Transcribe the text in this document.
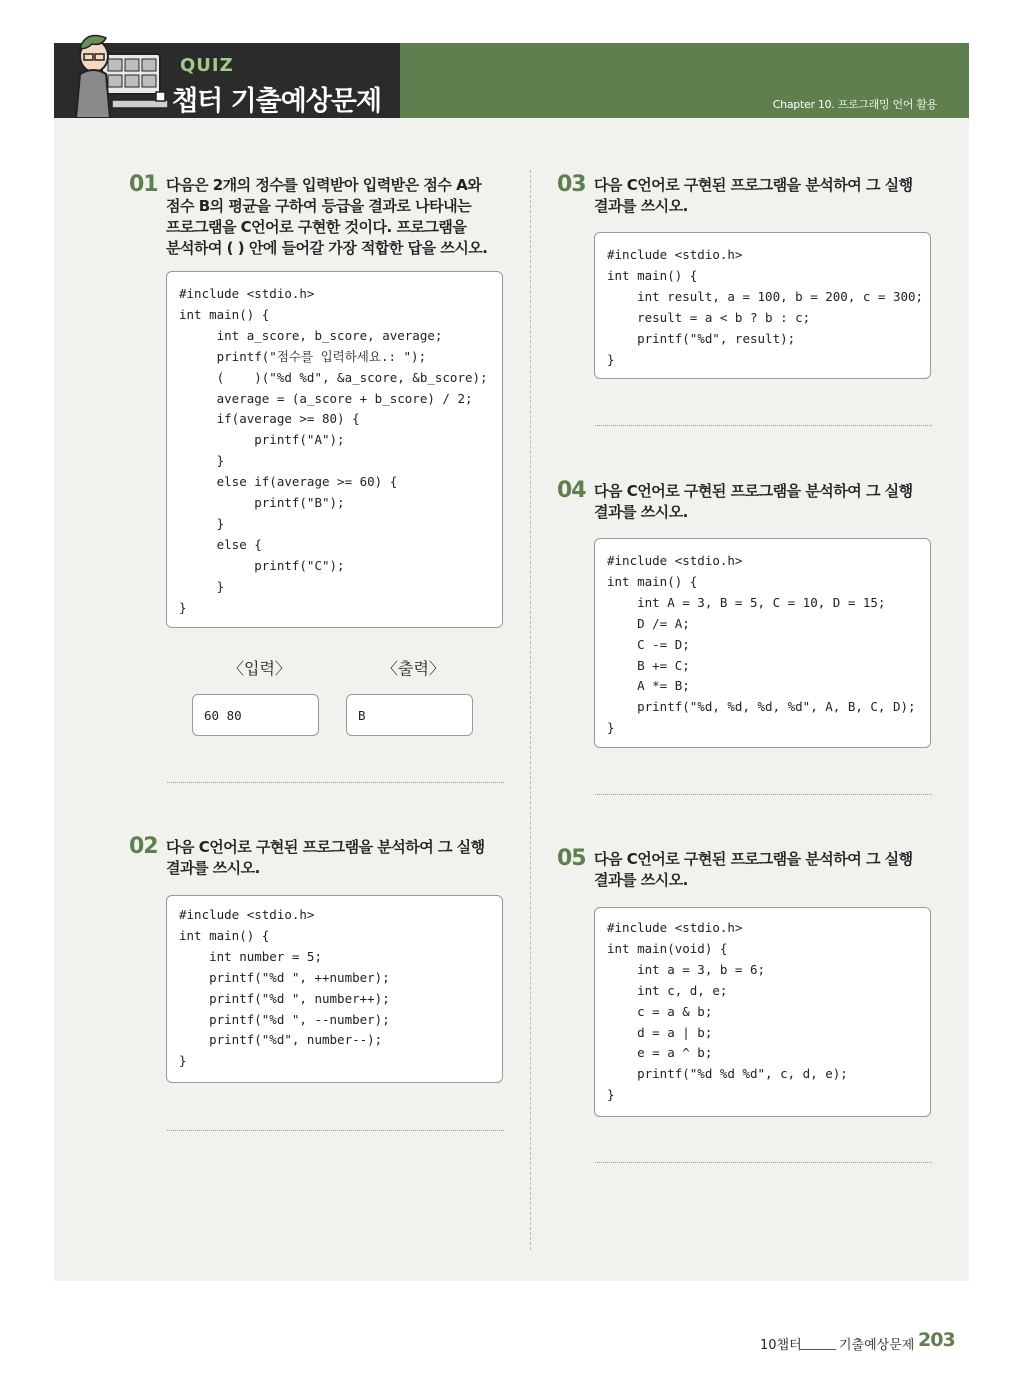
QUIZ
챕터 기출예상문제	Chapter 10. 프로그래밍 언어 활용
01 다음은 2개의 정수를 입력받아 입력받은 점수 A와 점수 B의 평균을 구하여 등급을 결과로 나타내는 프로그램을 C언어로 구현한 것이다. 프로그램을 분석하여 ( ) 안에 들어갈 가장 적합한 답을 쓰시오.
#include <stdio.h>
int main() {
int a_score, b_score, average;
printf("점수를 입력하세요.: ");
(    )("%d %d", &a_score, &b_score);
average = (a_score + b_score) / 2;
if(average >= 80) {
printf("A");
}
else if(average >= 60) {
printf("B");
}
else {
printf("C");
}
}
〈입력〉	〈출력〉
60 80	B
02 다음 C언어로 구현된 프로그램을 분석하여 그 실행 결과를 쓰시오.
#include <stdio.h>
int main() {
int number = 5;
printf("%d ", ++number);
printf("%d ", number++);
printf("%d ", --number);
printf("%d", number--);
}
03 다음 C언어로 구현된 프로그램을 분석하여 그 실행 결과를 쓰시오.
#include <stdio.h>
int main() {
int result, a = 100, b = 200, c = 300;
result = a < b ? b : c;
printf("%d", result);
}
04 다음 C언어로 구현된 프로그램을 분석하여 그 실행 결과를 쓰시오.
#include <stdio.h>
int main() {
int A = 3, B = 5, C = 10, D = 15;
D /= A;
C -= D;
B += C;
A *= B;
printf("%d, %d, %d, %d", A, B, C, D);
}
05 다음 C언어로 구현된 프로그램을 분석하여 그 실행 결과를 쓰시오.
#include <stdio.h>
int main(void) {
int a = 3, b = 6;
int c, d, e;
c = a & b;
d = a | b;
e = a ^ b;
printf("%d %d %d", c, d, e);
}
10챕터	기출예상문제 203
